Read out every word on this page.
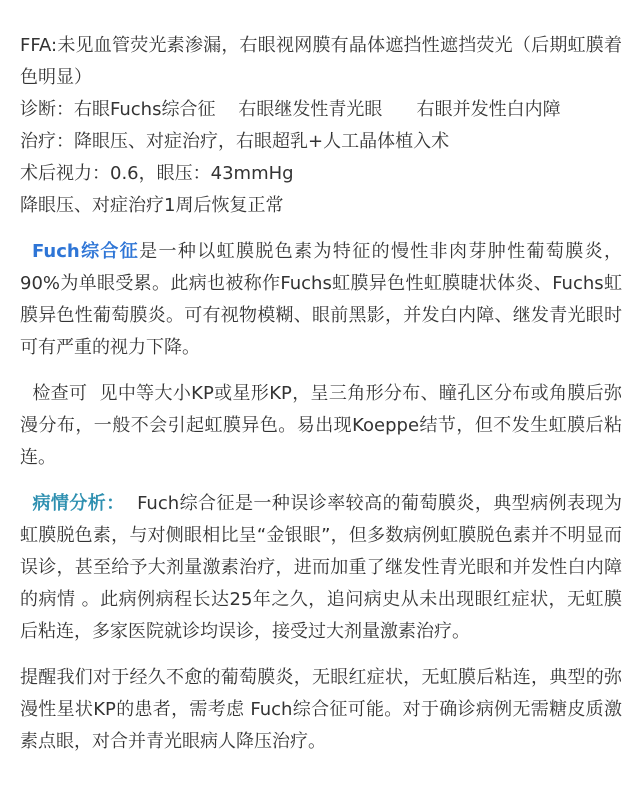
FFA:未见血管荧光素渗漏，右眼视网膜有晶体遮挡性遮挡荧光（后期虹膜着色明显）
诊断：右眼Fuchs综合征    右眼继发性青光眼      右眼并发性白内障
治疗：降眼压、对症治疗，右眼超乳+人工晶体植入术
术后视力：0.6，眼压：43mmHg
降眼压、对症治疗1周后恢复正常
Fuch综合征是一种以虹膜脱色素为特征的慢性非肉芽肿性葡萄膜炎，90%为单眼受累。此病也被称作Fuchs虹膜异色性虹膜睫状体炎、Fuchs虹膜异色性葡萄膜炎。可有视物模糊、眼前黑影，并发白内障、继发青光眼时可有严重的视力下降。
检查可  见中等大小KP或星形KP，呈三角形分布、瞳孔区分布或角膜后弥漫分布，一般不会引起虹膜异色。易出现Koeppe结节，但不发生虹膜后粘连。
病情分析：  Fuch综合征是一种误诊率较高的葡萄膜炎，典型病例表现为虹膜脱色素，与对侧眼相比呈“金银眼”，但多数病例虹膜脱色素并不明显而误诊，甚至给予大剂量激素治疗，进而加重了继发性青光眼和并发性白内障的病情 。此病例病程长达25年之久，追问病史从未出现眼红症状，无虹膜后粘连，多家医院就诊均误诊，接受过大剂量激素治疗。
提醒我们对于经久不愈的葡萄膜炎，无眼红症状，无虹膜后粘连，典型的弥漫性星状KP的患者，需考虑 Fuch综合征可能。对于确诊病例无需糖皮质激素点眼，对合并青光眼病人降压治疗。
